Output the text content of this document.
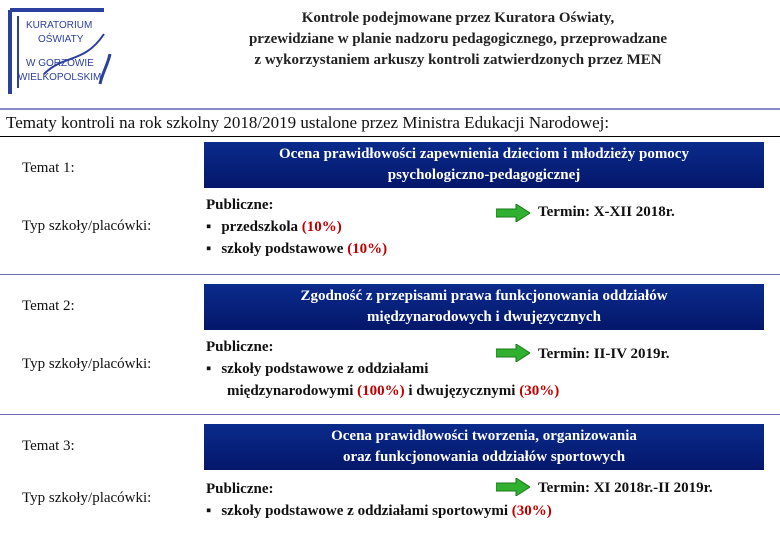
KURATORIUM
OŚWIATY
W GORZOWIE
WIELKOPOLSKIM
Kontrole podejmowane przez Kuratora Oświaty,
przewidziane w planie nadzoru pedagogicznego, przeprowadzane
z wykorzystaniem arkuszy kontroli zatwierdzonych przez MEN
Tematy kontroli na rok szkolny 2018/2019 ustalone przez Ministra Edukacji Narodowej:
Temat 1:
Ocena prawidłowości zapewnienia dzieciom i młodzieży pomocy
psychologiczno-pedagogicznej
Typ szkoły/placówki:
Publiczne:
▪ przedszkola (10%)
▪ szkoły podstawowe (10%)
Termin: X-XII 2018r.
Temat 2:
Zgodność z przepisami prawa funkcjonowania oddziałów
międzynarodowych i dwujęzycznych
Typ szkoły/placówki:
Publiczne:
▪ szkoły podstawowe z oddziałami
międzynarodowymi (100%) i dwujęzycznymi (30%)
Termin: II-IV 2019r.
Temat 3:
Ocena prawidłowości tworzenia, organizowania
oraz funkcjonowania oddziałów sportowych
Typ szkoły/placówki:
Publiczne:
▪ szkoły podstawowe z oddziałami sportowymi (30%)
Termin: XI 2018r.-II 2019r.
